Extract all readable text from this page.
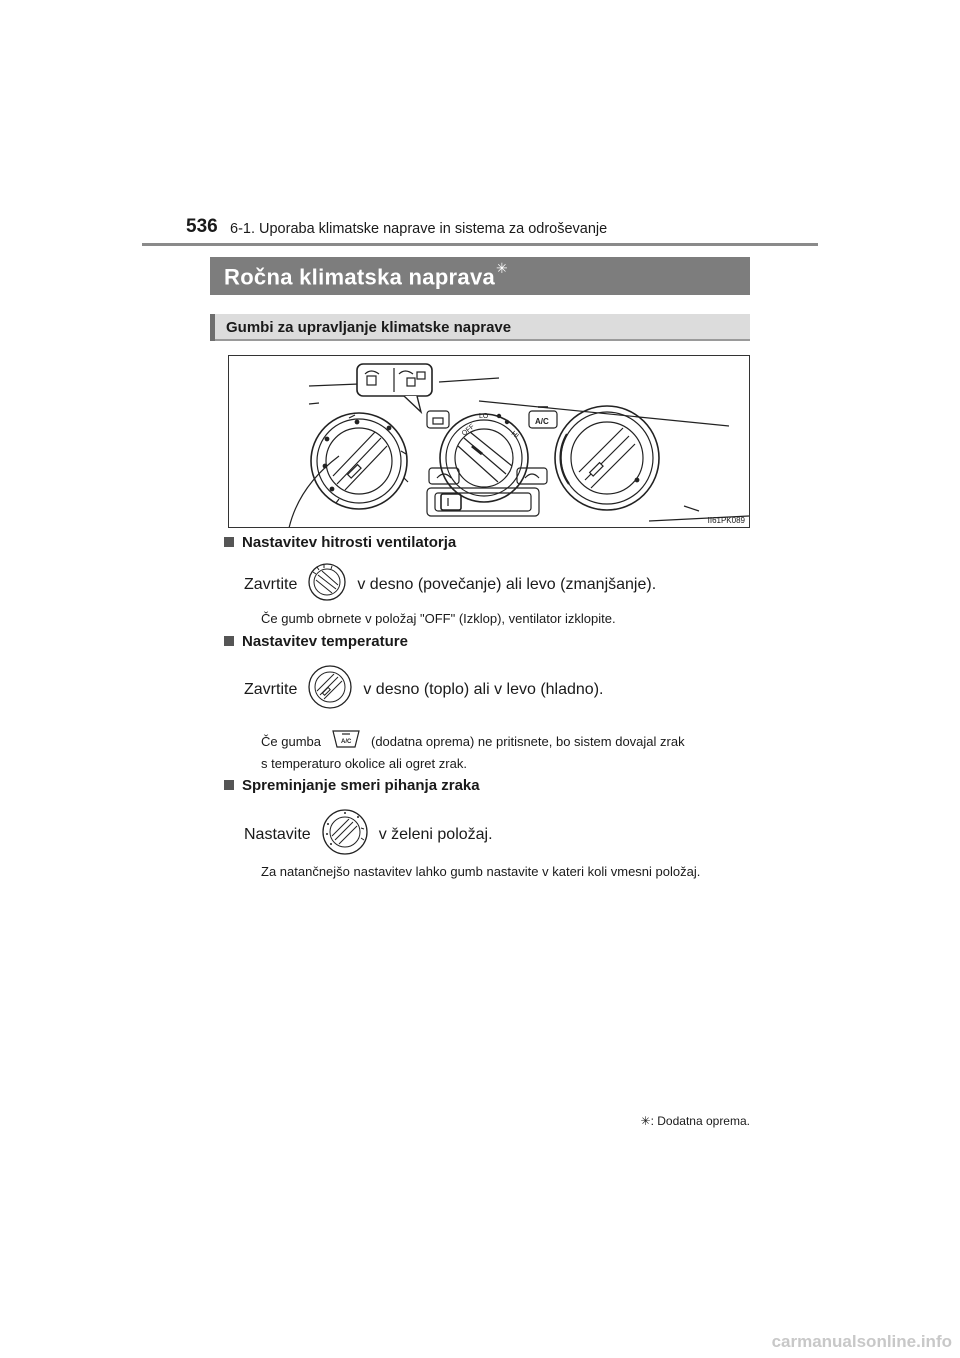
536 6-1. Uporaba klimatske naprave in sistema za odroševanje
Ročna klimatska naprava✳
Gumbi za upravljanje klimatske naprave
OFF
LO
HI
A/C
II61PK089
Nastavitev hitrosti ventilatorja
Zavrtite	v desno (povečanje) ali levo (zmanjšanje).
Če gumb obrnete v položaj "OFF" (Izklop), ventilator izklopite.
Nastavitev temperature
Zavrtite	v desno (toplo) ali v levo (hladno).
Če gumba	A/C (dodatna oprema) ne pritisnete, bo sistem dovajal zrak
s temperaturo okolice ali ogret zrak.
Spreminjanje smeri pihanja zraka
Nastavite	v želeni položaj.
Za natančnejšo nastavitev lahko gumb nastavite v kateri koli vmesni položaj.
✳: Dodatna oprema.
carmanualsonline.info
